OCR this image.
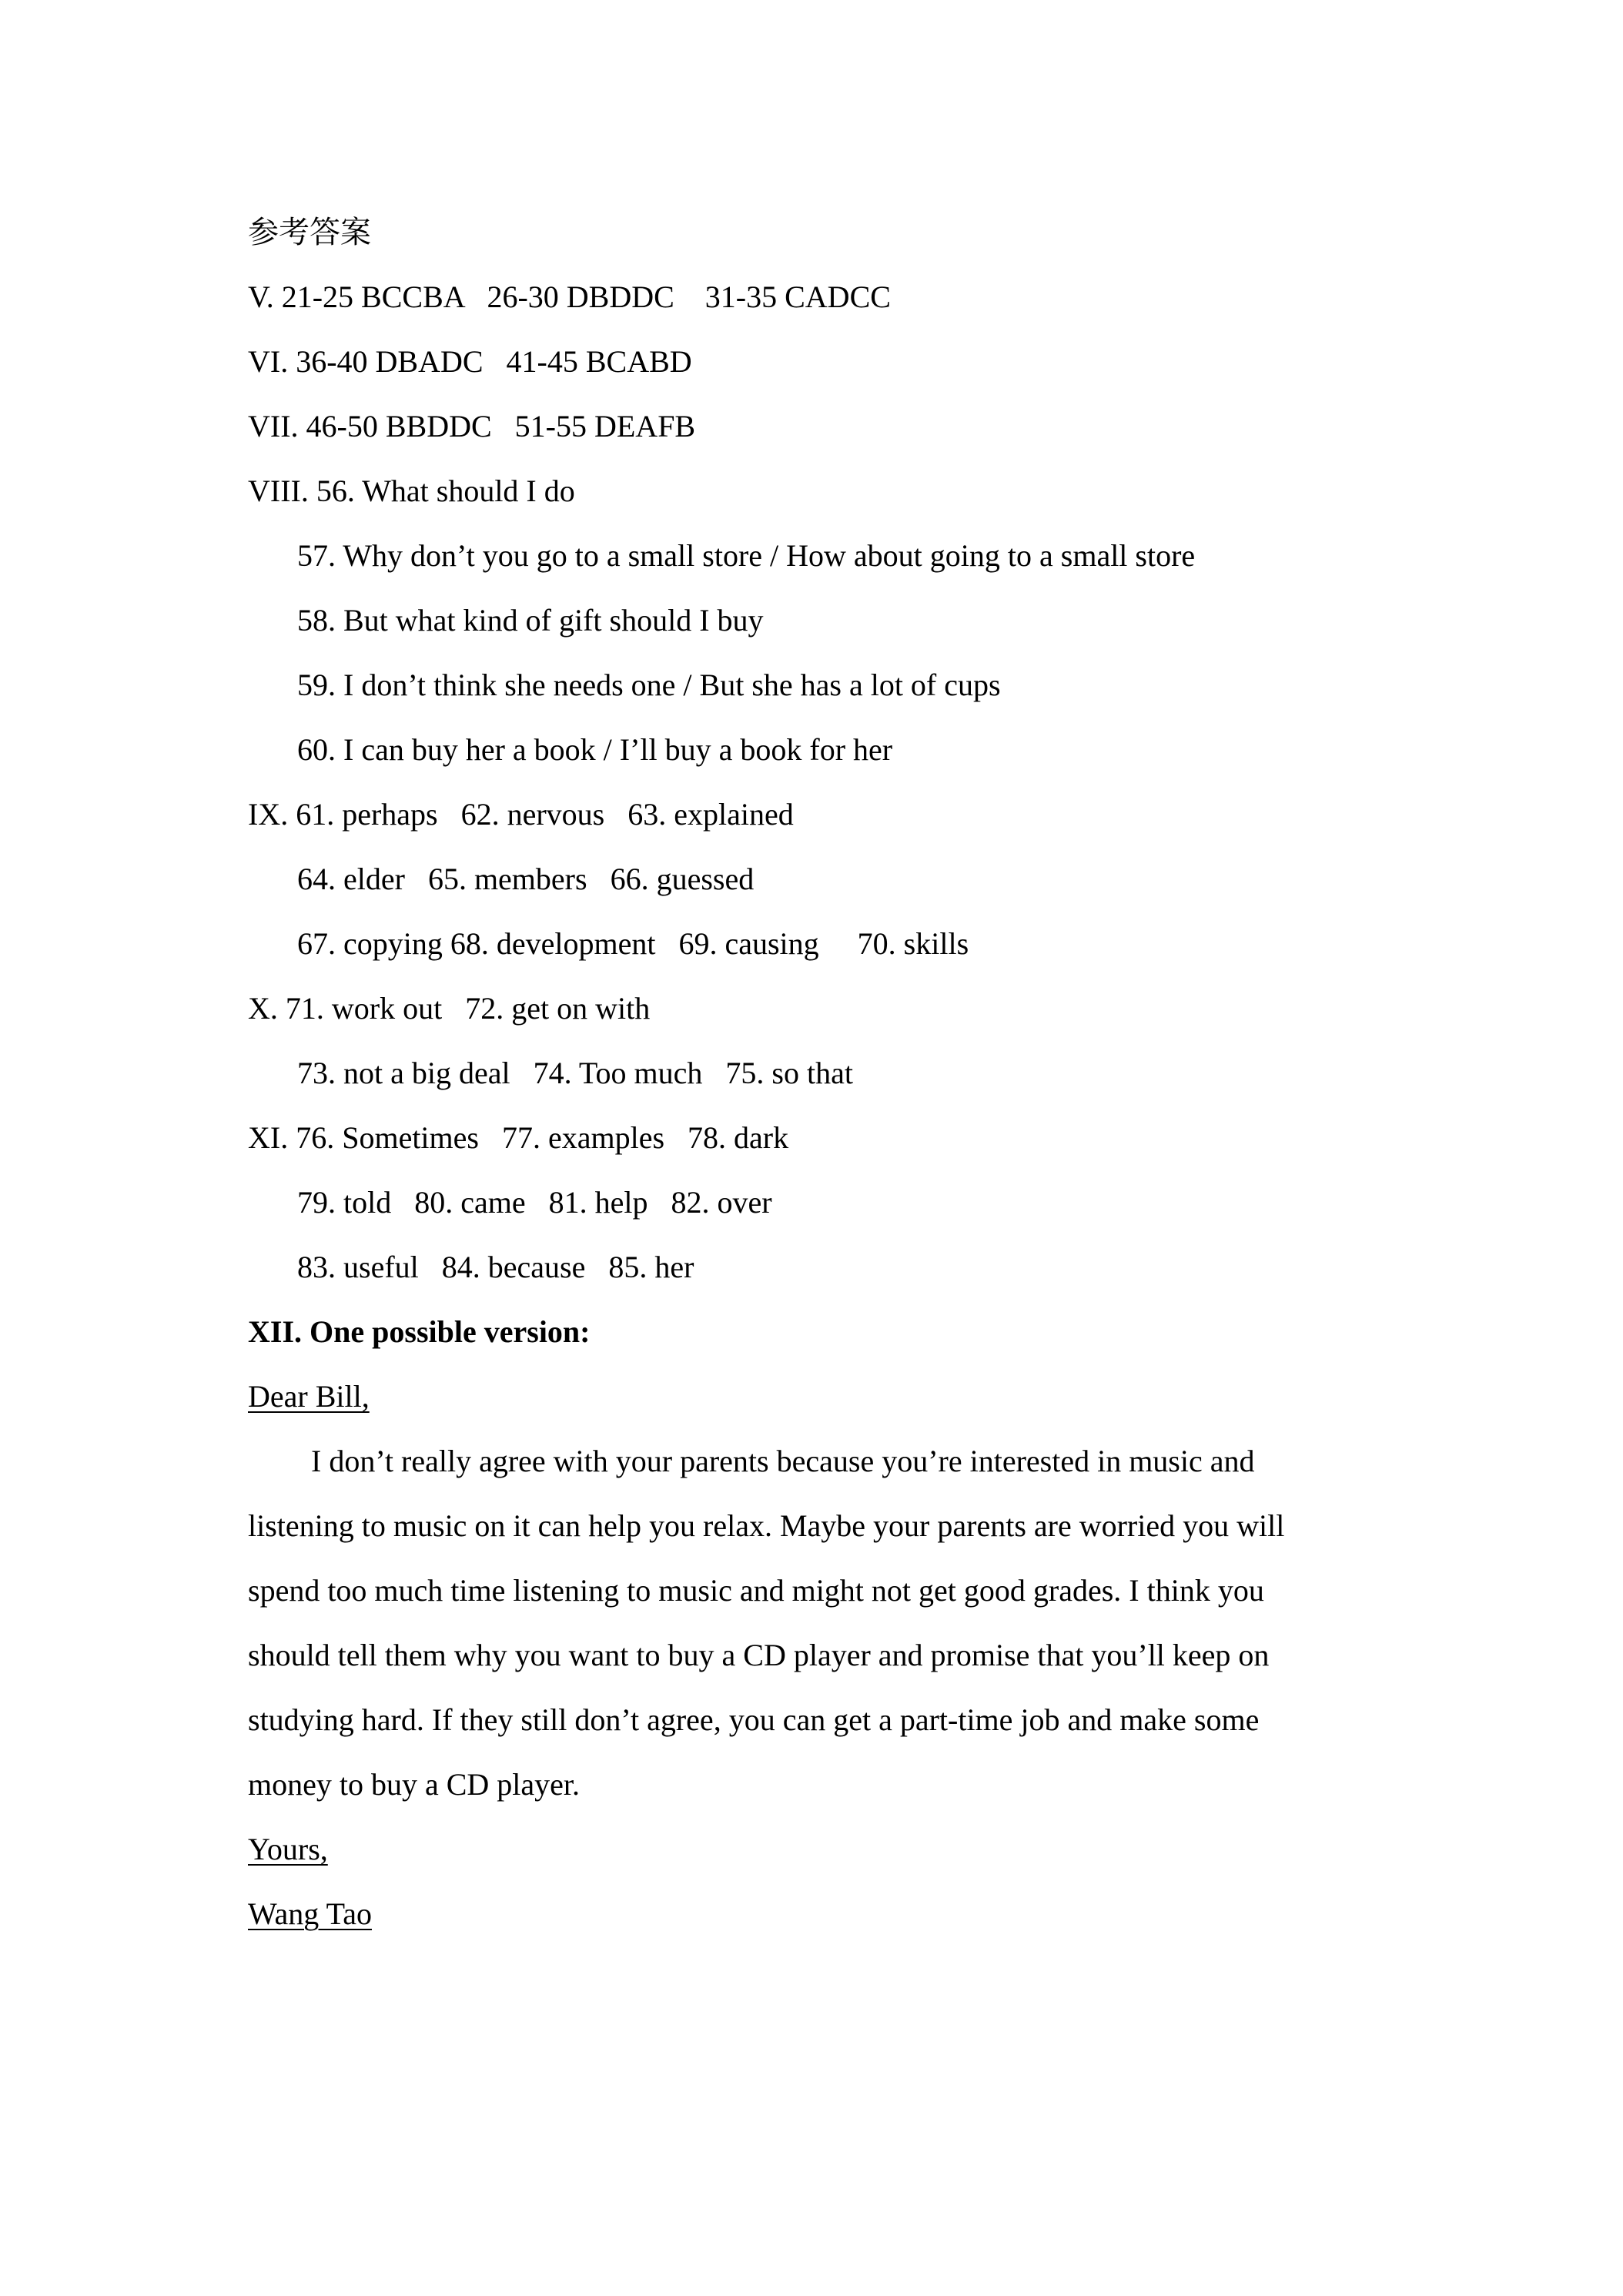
参考答案
V. 21-25 BCCBA   26-30 DBDDC    31-35 CADCC
VI. 36-40 DBADC   41-45 BCABD
VII. 46-50 BBDDC   51-55 DEAFB
VIII. 56. What should I do
57. Why don’t you go to a small store / How about going to a small store
58. But what kind of gift should I buy
59. I don’t think she needs one / But she has a lot of cups
60. I can buy her a book / I’ll buy a book for her
IX. 61. perhaps   62. nervous   63. explained
64. elder   65. members   66. guessed
67. copying 68. development   69. causing     70. skills
X. 71. work out   72. get on with
73. not a big deal   74. Too much   75. so that
XI. 76. Sometimes   77. examples   78. dark
79. told   80. came   81. help   82. over
83. useful   84. because   85. her
XII. One possible version:
Dear Bill,
I don’t really agree with your parents because you’re interested in music and
listening to music on it can help you relax. Maybe your parents are worried you will
spend too much time listening to music and might not get good grades. I think you
should tell them why you want to buy a CD player and promise that you’ll keep on
studying hard. If they still don’t agree, you can get a part-time job and make some
money to buy a CD player.
Yours,
Wang Tao
